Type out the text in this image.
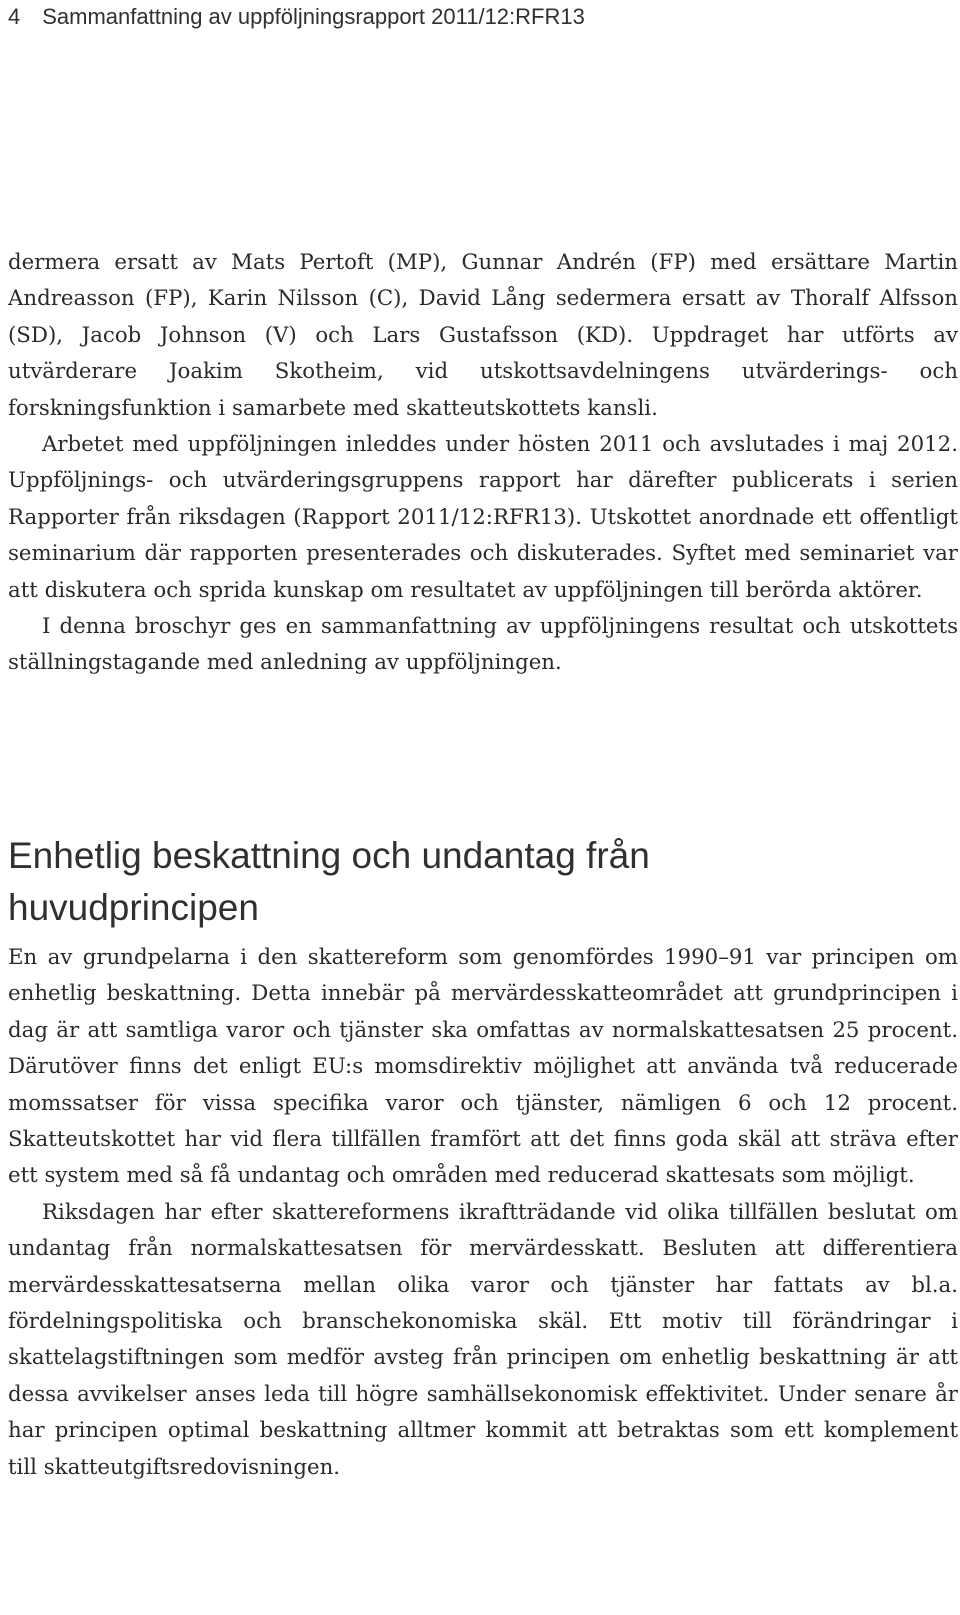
4 Sammanfattning av uppföljningsrapport 2011/12:RFR13

dermera ersatt av Mats Pertoft (MP), Gunnar Andrén (FP) med ersättare Martin Andreasson (FP), Karin Nilsson (C), David Lång sedermera ersatt av Thoralf Alfsson (SD), Jacob Johnson (V) och Lars Gustafsson (KD). Uppdraget har utförts av utvärderare Joakim Skotheim, vid utskottsavdelningens utvärderings- och forskningsfunktion i samarbete med skatteutskottets kansli.

Arbetet med uppföljningen inleddes under hösten 2011 och avslutades i maj 2012. Uppföljnings- och utvärderingsgruppens rapport har därefter publicerats i serien Rapporter från riksdagen (Rapport 2011/12:RFR13). Utskottet anordnade ett offentligt seminarium där rapporten presenterades och diskuterades. Syftet med seminariet var att diskutera och sprida kunskap om resultatet av uppföljningen till berörda aktörer.

I denna broschyr ges en sammanfattning av uppföljningens resultat och utskottets ställningstagande med anledning av uppföljningen.

Enhetlig beskattning och undantag från huvudprincipen

En av grundpelarna i den skattereform som genomfördes 1990–91 var principen om enhetlig beskattning. Detta innebär på mervärdesskatteområdet att grundprincipen i dag är att samtliga varor och tjänster ska omfattas av normalskattesatsen 25 procent. Därutöver finns det enligt EU:s momsdirektiv möjlighet att använda två reducerade momssatser för vissa specifika varor och tjänster, nämligen 6 och 12 procent. Skatteutskottet har vid flera tillfällen framfört att det finns goda skäl att sträva efter ett system med så få undantag och områden med reducerad skattesats som möjligt.

Riksdagen har efter skattereformens ikraftträdande vid olika tillfällen beslutat om undantag från normalskattesatsen för mervärdesskatt. Besluten att differentiera mervärdesskattesatserna mellan olika varor och tjänster har fattats av bl.a. fördelningspolitiska och branschekonomiska skäl. Ett motiv till förändringar i skattelagstiftningen som medför avsteg från principen om enhetlig beskattning är att dessa avvikelser anses leda till högre samhällsekonomisk effektivitet. Under senare år har principen optimal beskattning alltmer kommit att betraktas som ett komplement till skatteutgiftsredovisningen.
